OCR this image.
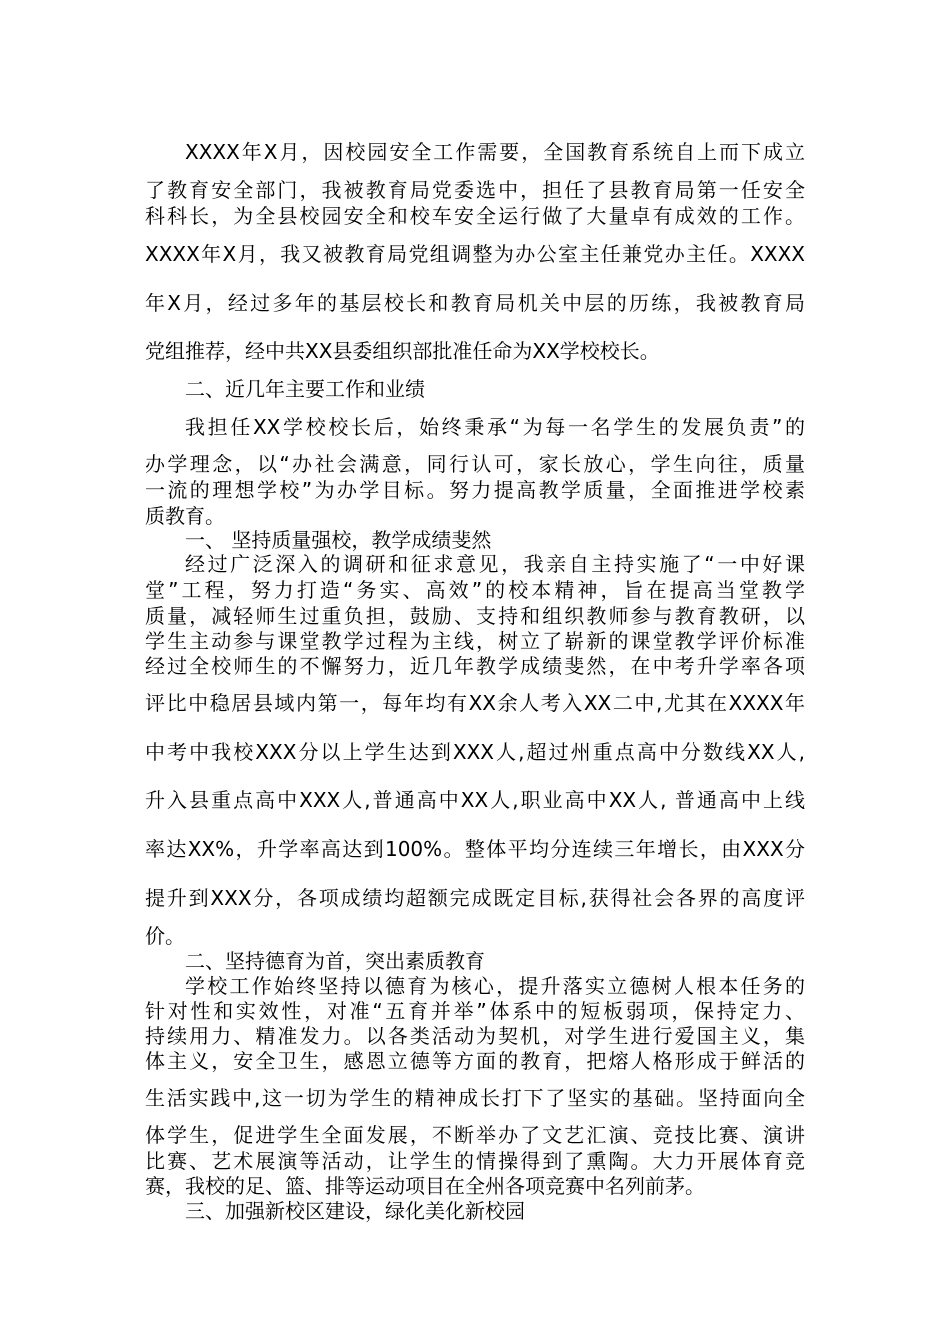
XXXX年X月，因校园安全工作需要，全国教育系统自上而下成立

了教育安全部门，我被教育局党委选中，担任了县教育局第一任安全

科科长，为全县校园安全和校车安全运行做了大量卓有成效的工作。

XXXX年X月，我又被教育局党组调整为办公室主任兼党办主任。XXXX

年X月，经过多年的基层校长和教育局机关中层的历练，我被教育局

党组推荐，经中共XX县委组织部批准任命为XX学校校长。

二、近几年主要工作和业绩

我担任XX学校校长后，始终秉承“为每一名学生的发展负责”的

办学理念，以“办社会满意，同行认可，家长放心，学生向往，质量

一流的理想学校”为办学目标。努力提高教学质量，全面推进学校素

质教育。

一、 坚持质量强校，教学成绩斐然

经过广泛深入的调研和征求意见，我亲自主持实施了“一中好课

堂”工程，努力打造“务实、高效”的校本精神，旨在提高当堂教学

质量，减轻师生过重负担，鼓励、支持和组织教师参与教育教研，以

学生主动参与课堂教学过程为主线，树立了崭新的课堂教学评价标准

经过全校师生的不懈努力，近几年教学成绩斐然，在中考升学率各项

评比中稳居县域内第一，每年均有XX余人考入XX二中,尤其在XXXX年

中考中我校XXX分以上学生达到XXX人,超过州重点高中分数线XX人,

升入县重点高中XXX人,普通高中XX人,职业高中XX人, 普通高中上线

率达XX%，升学率高达到100%。整体平均分连续三年增长，由XXX分

提升到XXX分，各项成绩均超额完成既定目标,获得社会各界的高度评

价。

二、坚持德育为首，突出素质教育

学校工作始终坚持以德育为核心，提升落实立德树人根本任务的

针对性和实效性，对准“五育并举”体系中的短板弱项，保持定力、

持续用力、精准发力。以各类活动为契机，对学生进行爱国主义，集

体主义，安全卫生，感恩立德等方面的教育，把熔人格形成于鲜活的

生活实践中,这一切为学生的精神成长打下了坚实的基础。坚持面向全

体学生，促进学生全面发展，不断举办了文艺汇演、竞技比赛、演讲

比赛、艺术展演等活动，让学生的情操得到了熏陶。大力开展体育竞

赛，我校的足、篮、排等运动项目在全州各项竞赛中名列前茅。

三、加强新校区建设，绿化美化新校园
